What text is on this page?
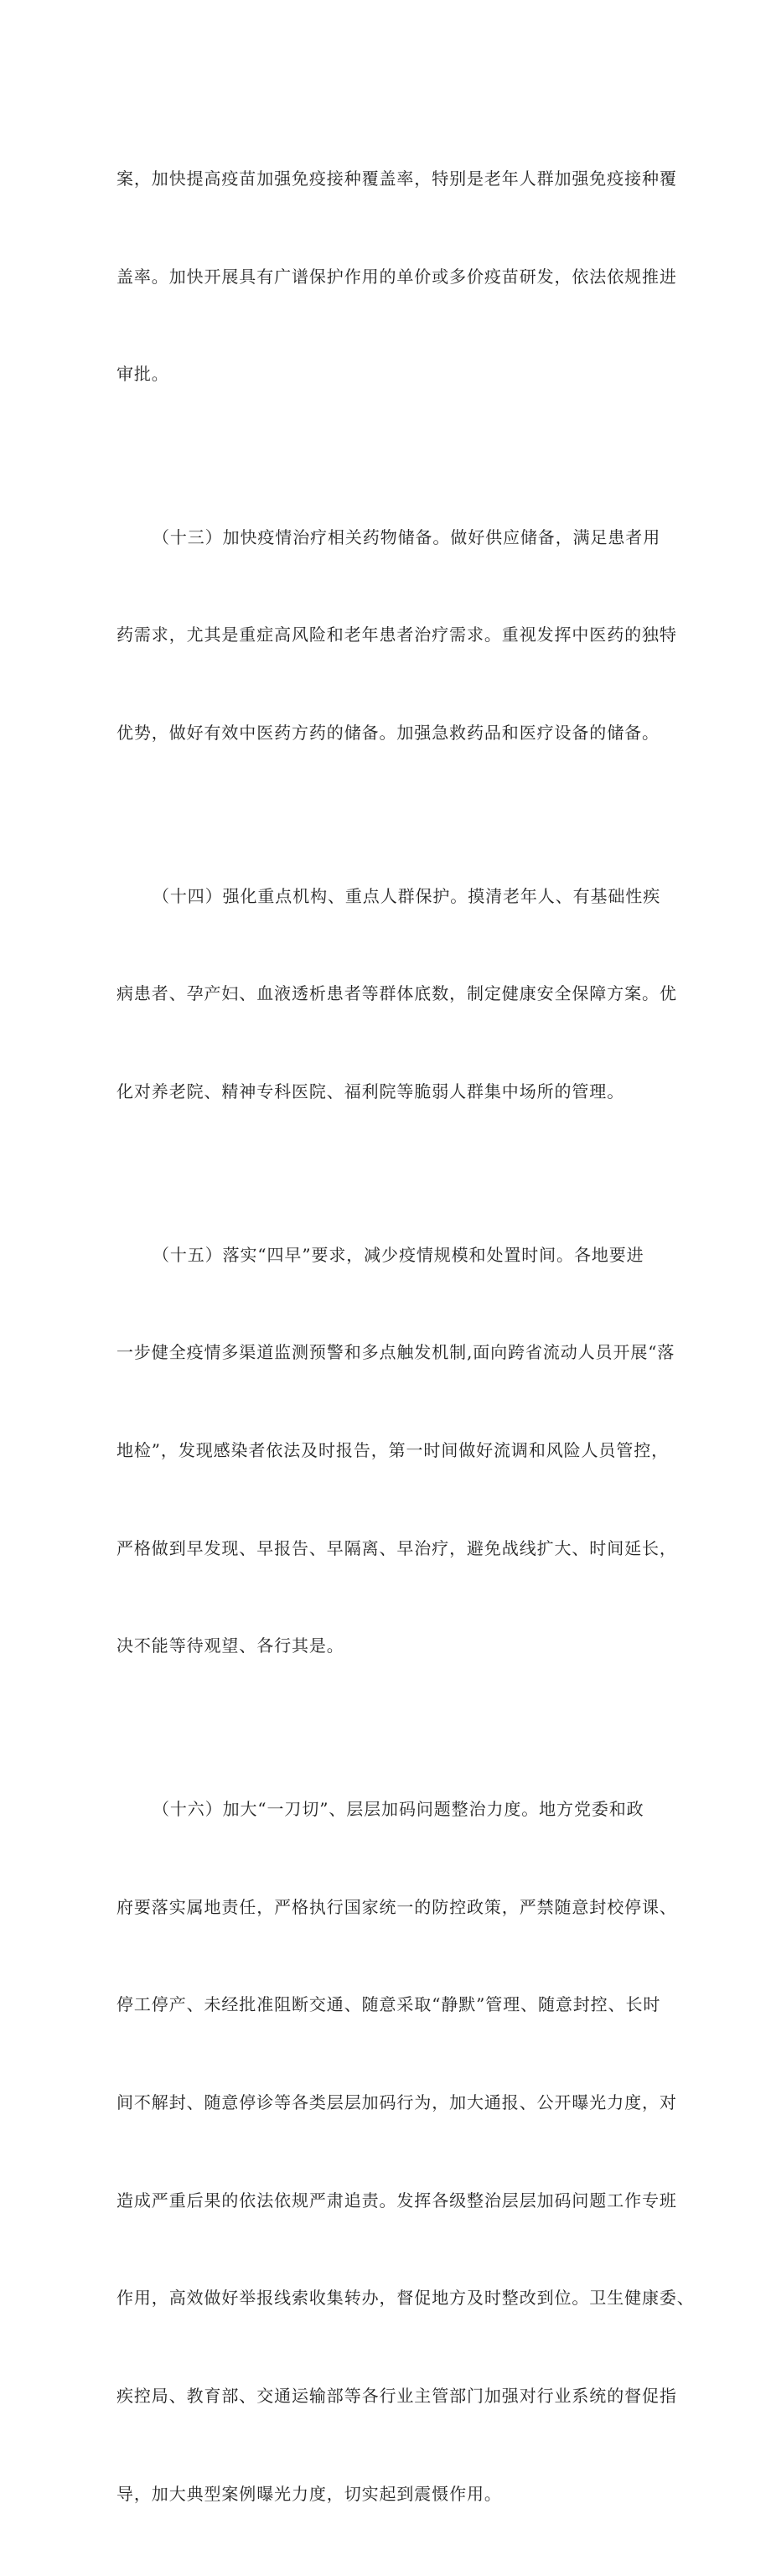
案，加快提高疫苗加强免疫接种覆盖率，特别是老年人群加强免疫接种覆

盖率。加快开展具有广谱保护作用的单价或多价疫苗研发，依法依规推进

审批。

（十三）加快疫情治疗相关药物储备。做好供应储备，满足患者用

药需求，尤其是重症高风险和老年患者治疗需求。重视发挥中医药的独特

优势，做好有效中医药方药的储备。加强急救药品和医疗设备的储备。

（十四）强化重点机构、重点人群保护。摸清老年人、有基础性疾

病患者、孕产妇、血液透析患者等群体底数，制定健康安全保障方案。优

化对养老院、精神专科医院、福利院等脆弱人群集中场所的管理。

（十五）落实“四早”要求，减少疫情规模和处置时间。各地要进

一步健全疫情多渠道监测预警和多点触发机制,面向跨省流动人员开展“落

地检”，发现感染者依法及时报告，第一时间做好流调和风险人员管控，

严格做到早发现、早报告、早隔离、早治疗，避免战线扩大、时间延长，

决不能等待观望、各行其是。

（十六）加大“一刀切”、层层加码问题整治力度。地方党委和政

府要落实属地责任，严格执行国家统一的防控政策，严禁随意封校停课、

停工停产、未经批准阻断交通、随意采取“静默”管理、随意封控、长时

间不解封、随意停诊等各类层层加码行为，加大通报、公开曝光力度，对

造成严重后果的依法依规严肃追责。发挥各级整治层层加码问题工作专班

作用，高效做好举报线索收集转办，督促地方及时整改到位。卫生健康委、

疾控局、教育部、交通运输部等各行业主管部门加强对行业系统的督促指

导，加大典型案例曝光力度，切实起到震慑作用。
